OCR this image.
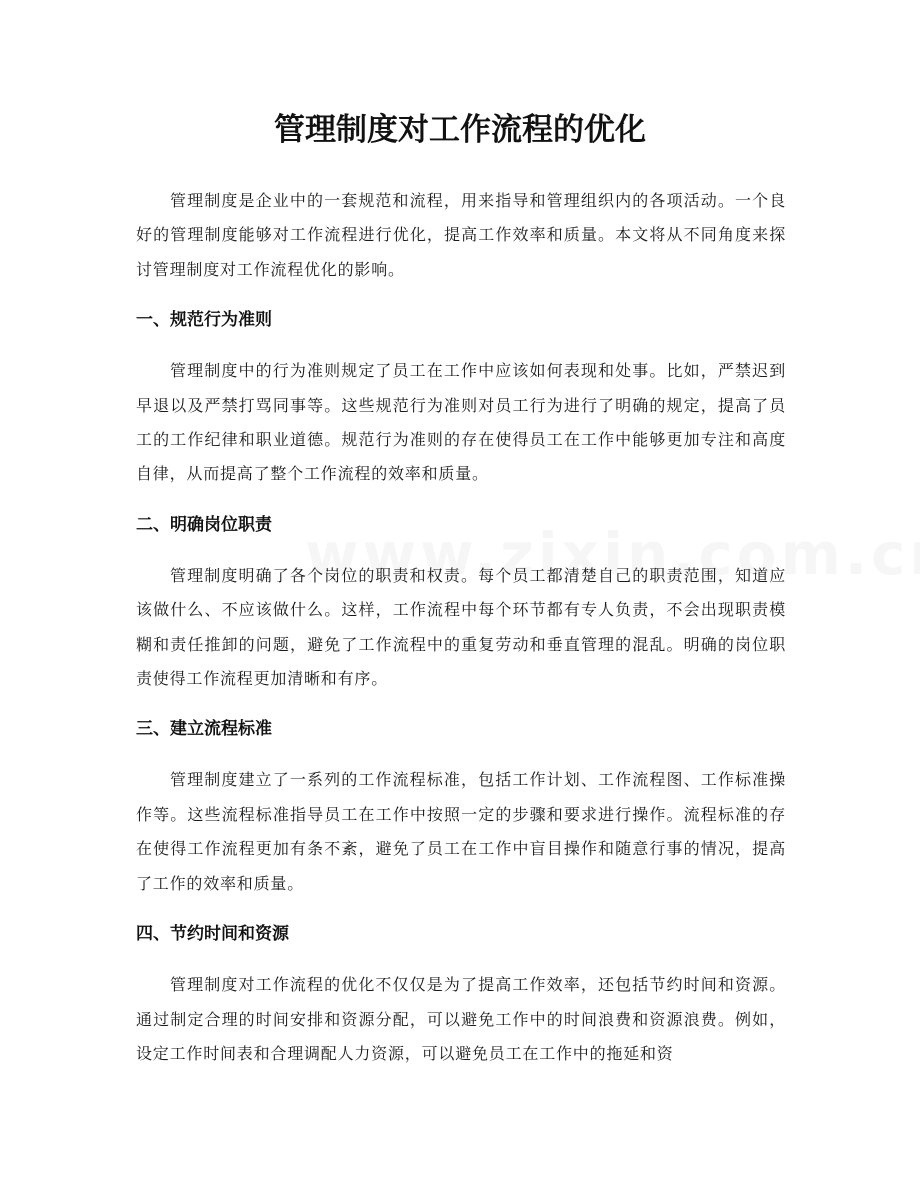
管理制度对工作流程的优化

管理制度是企业中的一套规范和流程，用来指导和管理组织内的各项活动。一个良好的管理制度能够对工作流程进行优化，提高工作效率和质量。本文将从不同角度来探讨管理制度对工作流程优化的影响。

一、规范行为准则

管理制度中的行为准则规定了员工在工作中应该如何表现和处事。比如，严禁迟到早退以及严禁打骂同事等。这些规范行为准则对员工行为进行了明确的规定，提高了员工的工作纪律和职业道德。规范行为准则的存在使得员工在工作中能够更加专注和高度自律，从而提高了整个工作流程的效率和质量。

二、明确岗位职责

管理制度明确了各个岗位的职责和权责。每个员工都清楚自己的职责范围，知道应该做什么、不应该做什么。这样，工作流程中每个环节都有专人负责，不会出现职责模糊和责任推卸的问题，避免了工作流程中的重复劳动和垂直管理的混乱。明确的岗位职责使得工作流程更加清晰和有序。

三、建立流程标准

管理制度建立了一系列的工作流程标准，包括工作计划、工作流程图、工作标准操作等。这些流程标准指导员工在工作中按照一定的步骤和要求进行操作。流程标准的存在使得工作流程更加有条不紊，避免了员工在工作中盲目操作和随意行事的情况，提高了工作的效率和质量。

四、节约时间和资源

管理制度对工作流程的优化不仅仅是为了提高工作效率，还包括节约时间和资源。通过制定合理的时间安排和资源分配，可以避免工作中的时间浪费和资源浪费。例如，设定工作时间表和合理调配人力资源，可以避免员工在工作中的拖延和资
